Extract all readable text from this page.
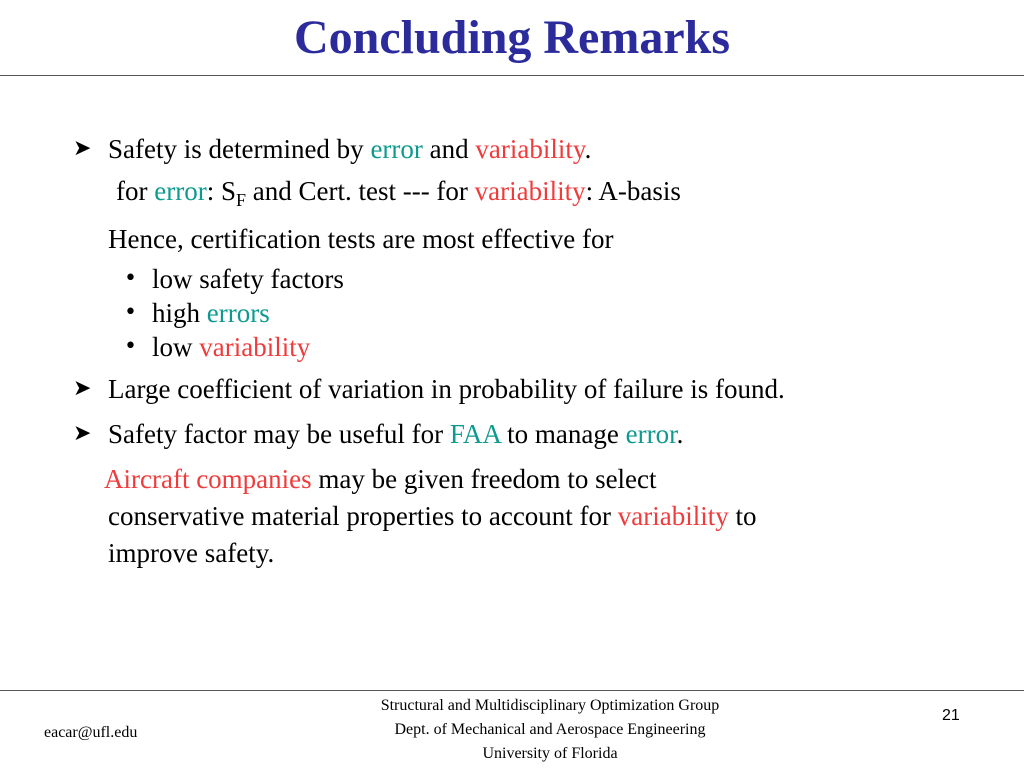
Concluding Remarks
➤ Safety is determined by error and variability.
for error: $S_F$ and Cert. test --- for variability: A-basis
Hence, certification tests are most effective for
• low safety factors
• high errors
• low variability
➤ Large coefficient of variation in probability of failure is found.
➤ Safety factor may be useful for FAA to manage error.
Aircraft companies may be given freedom to select
conservative material properties to account for variability to
improve safety.
eacar@ufl.edu
Structural and Multidisciplinary Optimization Group
Dept. of Mechanical and Aerospace Engineering
University of Florida
21
